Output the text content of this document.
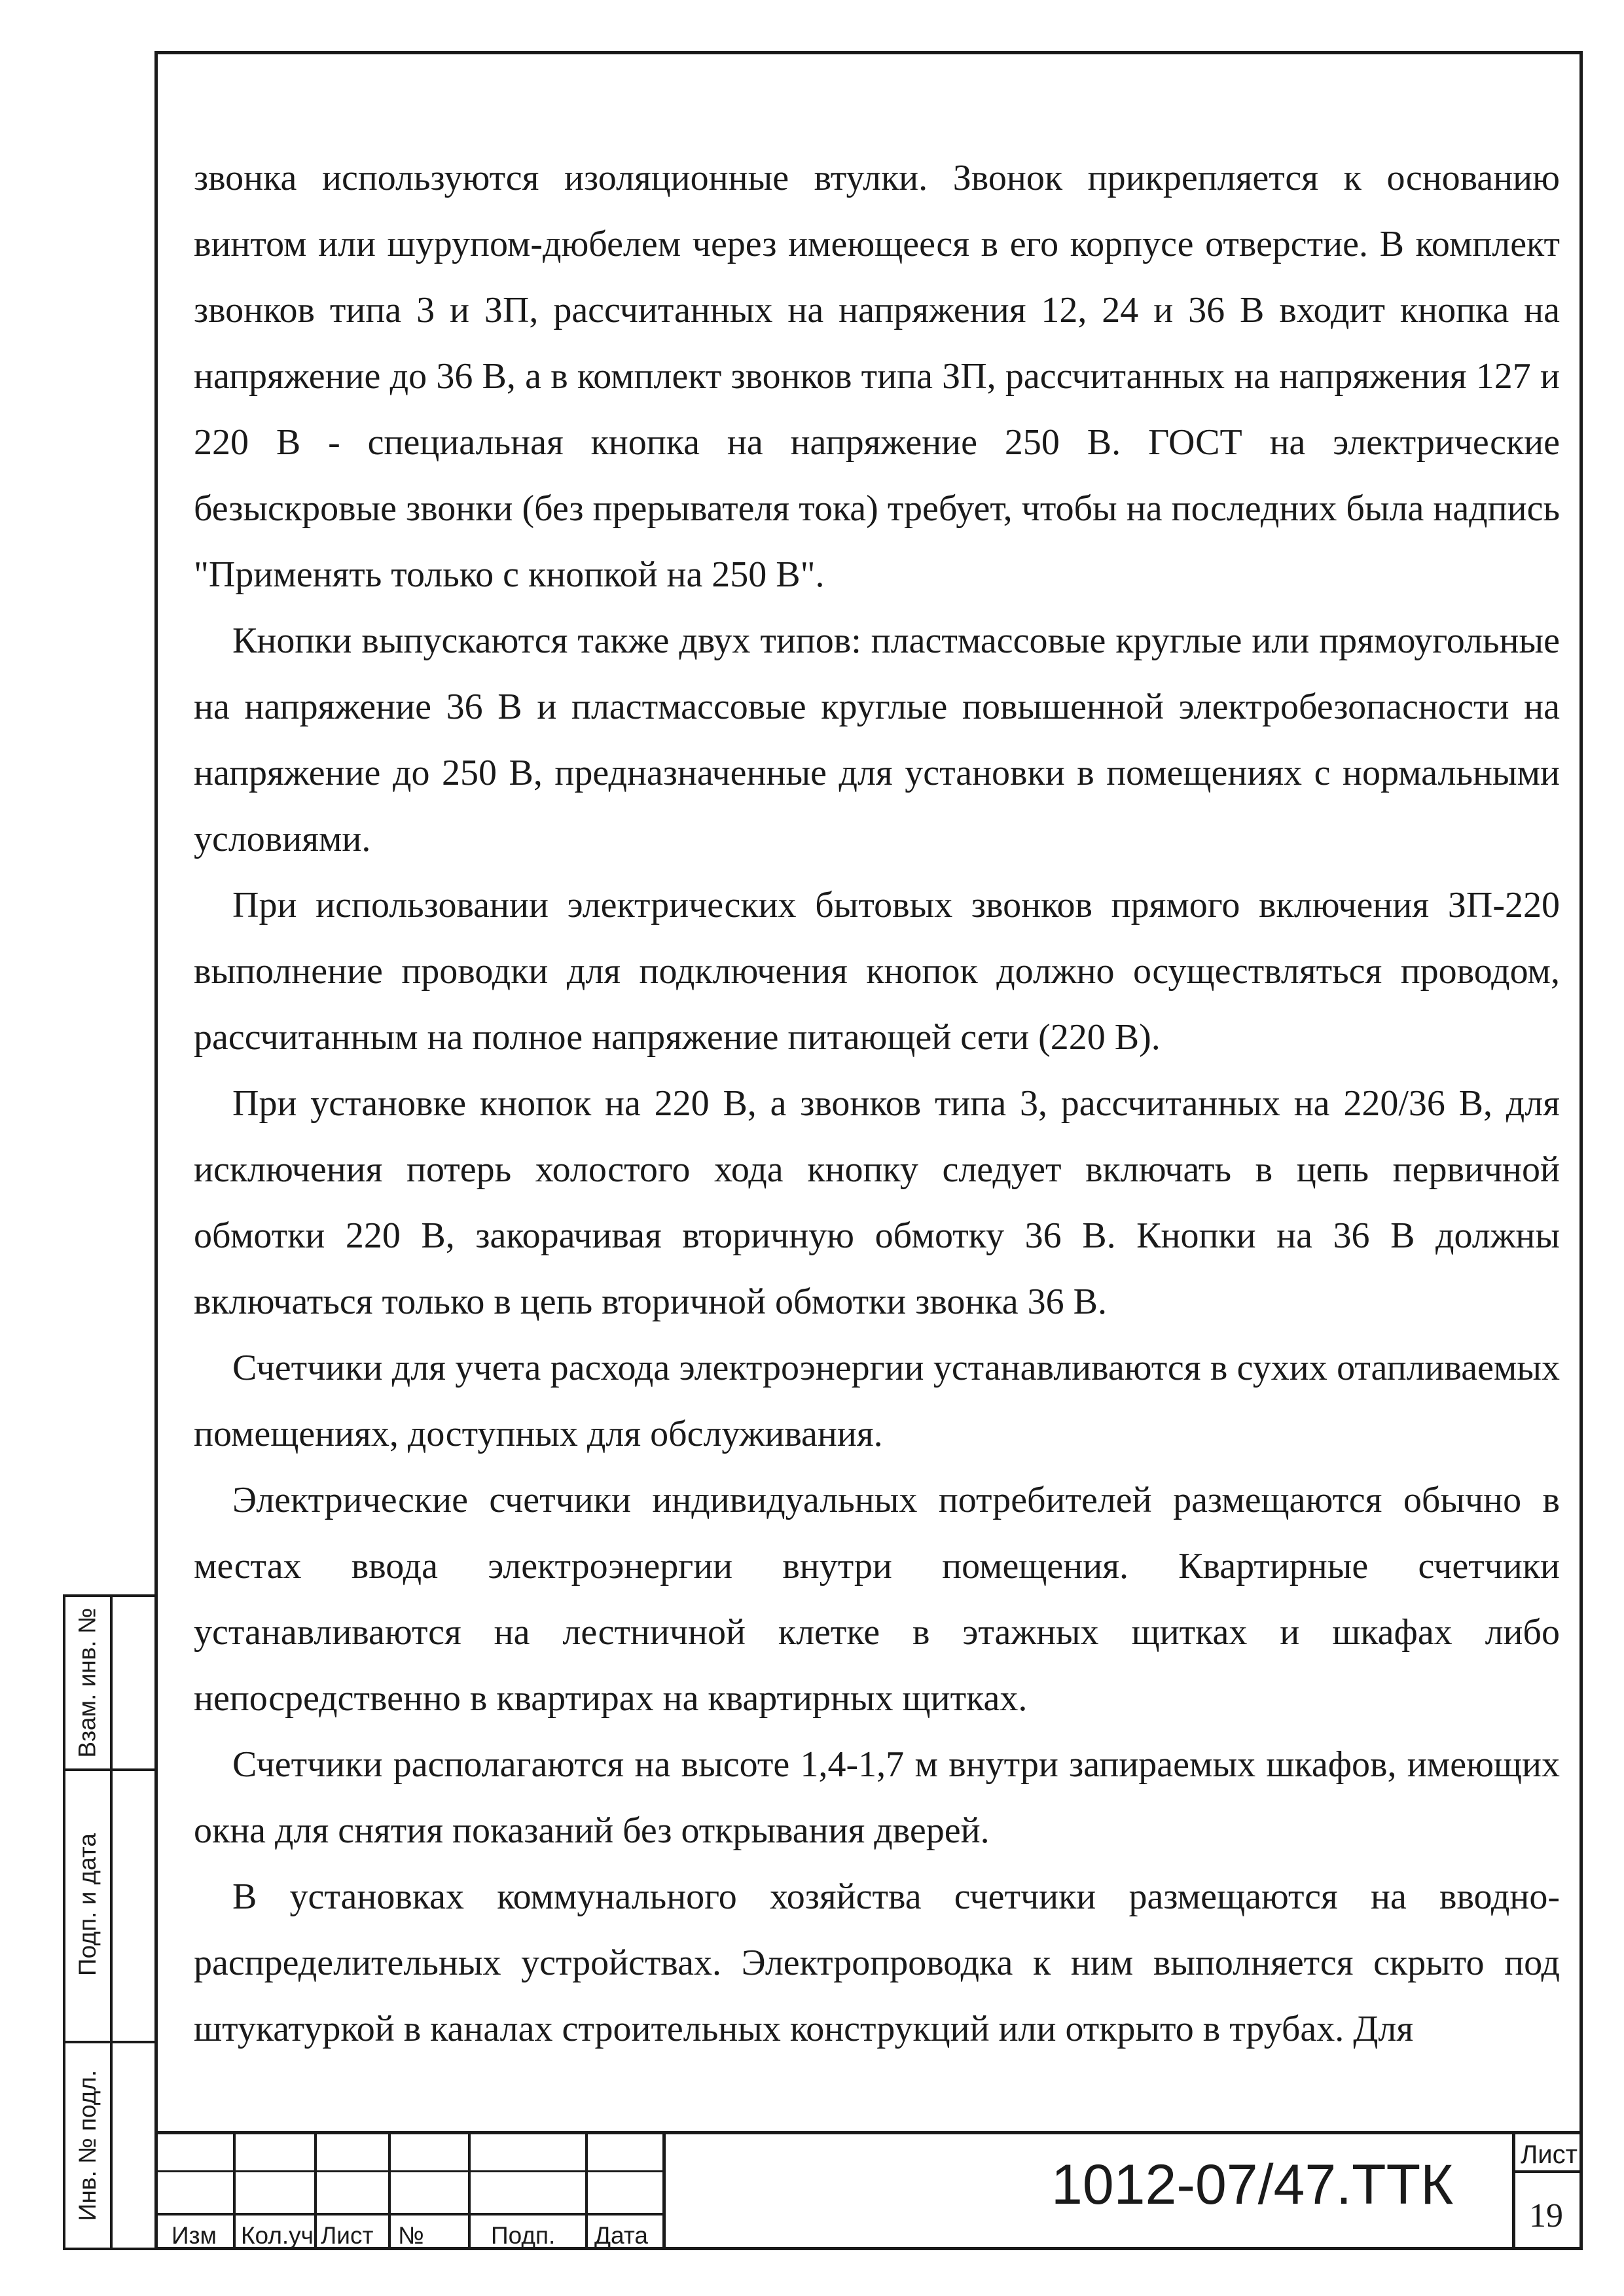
звонка используются изоляционные втулки. Звонок прикрепляется к основанию винтом или шурупом-дюбелем через имеющееся в его корпусе отверстие. В комплект звонков типа 3 и ЗП, рассчитанных на напряжения 12, 24 и 36 В входит кнопка на напряжение до 36 В, а в комплект звонков типа ЗП, рассчитанных на напряжения 127 и 220 В - специальная кнопка на напряжение 250 В. ГОСТ на электрические безыскровые звонки (без прерывателя тока) требует, чтобы на последних была надпись "Применять только с кнопкой на 250 В".

Кнопки выпускаются также двух типов: пластмассовые круглые или прямоугольные на напряжение 36 В и пластмассовые круглые повышенной электробезопасности на напряжение до 250 В, предназначенные для установки в помещениях с нормальными условиями.

При использовании электрических бытовых звонков прямого включения ЗП-220 выполнение проводки для подключения кнопок должно осуществляться проводом, рассчитанным на полное напряжение питающей сети (220 В).

При установке кнопок на 220 В, а звонков типа 3, рассчитанных на 220/36 В, для исключения потерь холостого хода кнопку следует включать в цепь первичной обмотки 220 В, закорачивая вторичную обмотку 36 В. Кнопки на 36 В должны включаться только в цепь вторичной обмотки звонка 36 В.

Счетчики для учета расхода электроэнергии устанавливаются в сухих отапливаемых помещениях, доступных для обслуживания.

Электрические счетчики индивидуальных потребителей размещаются обычно в местах ввода электроэнергии внутри помещения. Квартирные счетчики устанавливаются на лестничной клетке в этажных щитках и шкафах либо непосредственно в квартирах на квартирных щитках.

Счетчики располагаются на высоте 1,4-1,7 м внутри запираемых шкафов, имеющих окна для снятия показаний без открывания дверей.

В установках коммунального хозяйства счетчики размещаются на вводно-распределительных устройствах. Электропроводка к ним выполняется скрыто под штукатуркой в каналах строительных конструкций или открыто в трубах. Для

Взам. инв. №
Подп. и дата
Инв. № подл.
Изм Кол.уч Лист №	Подп. Дата
1012-07/47.ТТК	Лист
19
